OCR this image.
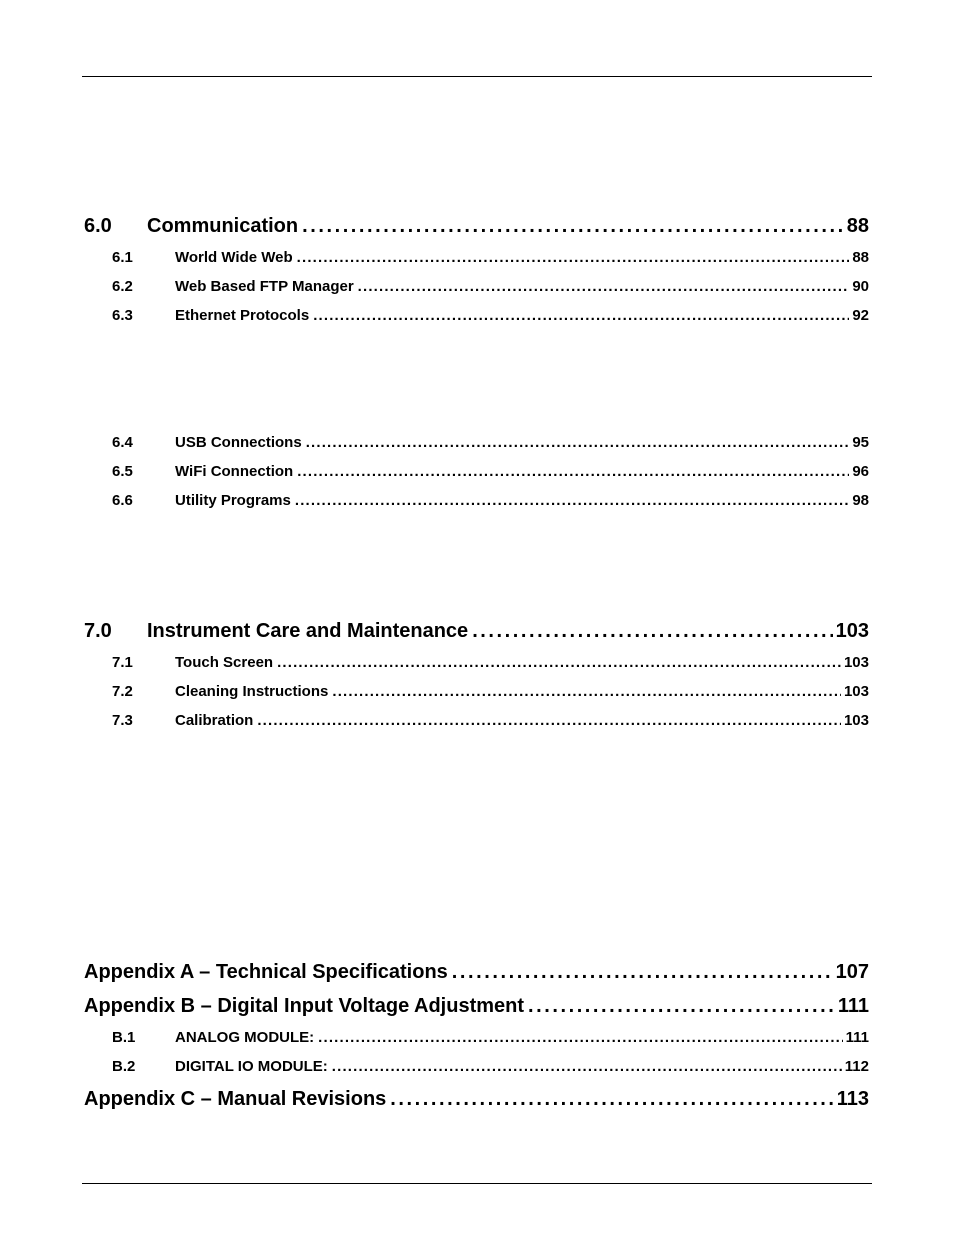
6.0	Communication . . .	88
6.1	World Wide Web . . .	88
6.2	Web Based FTP Manager . . .	90
6.3	Ethernet Protocols . . .	92
6.4	USB Connections . . .	95
6.5	WiFi Connection . . .	96
6.6	Utility Programs . . .	98
7.0	Instrument Care and Maintenance . . .	103
7.1	Touch Screen . . .	103
7.2	Cleaning Instructions . . .	103
7.3	Calibration . . .	103
Appendix A – Technical Specifications . . .	107
Appendix B – Digital Input Voltage Adjustment . . .	111
B.1	ANALOG MODULE: . . .	111
B.2	DIGITAL IO MODULE: . . .	112
Appendix C – Manual Revisions . . .	113
